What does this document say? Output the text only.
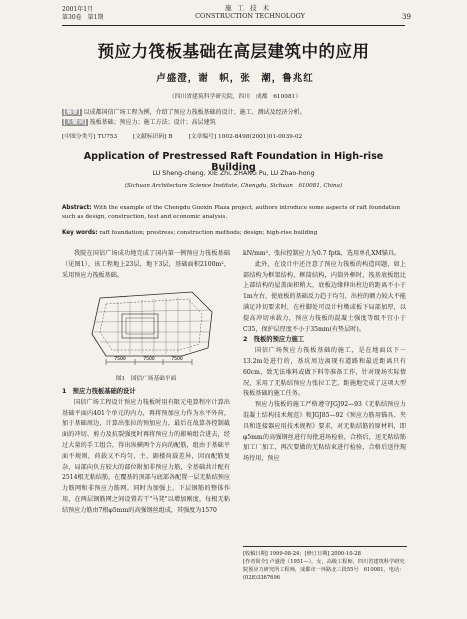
2001年1月
第30卷　第1期
施工技术
CONSTRUCTION TECHNOLOGY	39
预应力筏板基础在高层建筑中的应用
卢盛澄，谢　帜，张　潮，鲁兆红
（四川省建筑科学研究院，四川　成都　610081）
[摘要] 以成都国信广场工程为例，介绍了预应力筏板基础的设计、施工、测试及经济分析。
[关键词] 筏板基础；预应力；施工方法；设计；高层建筑
[中图分类号] TU753	[文献标识码] B	[文章编号] 1002-8498(2001)01-0039-02
Application of Prestressed Raft Foundation in High-rise Building
LU Sheng-cheng, XIE Zhi, ZHANG Pu, LU Zhao-hong
(Sichuan Architecture Science Institute, Chengdu, Sichuan　610081, China)
Abstract: With the example of the Chengdu Guoxin Plaza project, authors introduce some aspects of raft foundation such as design, construction, test and economic analysis.
Key words: raft foundation; prestress; construction methods; design; high-rise building

我院在国信广场成功地完成了国内第一例预应力筏板基础（见图1），该工程地上23层，地下3层，基础面积2100m²，采用预应力筏板基础。

7500	7500	7500
图1　国信广场基础平面

1　预应力筏板基础的设计

国信广场工程设计预应力筏板时用有限元电算程序计算出基础平面内401个单元的内力，再将预加应力作为水平外荷，加于基础周边，计算出张拉的预加应力，最后在故算各控制截面的冲切、剪力及抗裂强度时再将预应力的影响组合进去，经过大量的手工组合，得出纵横两个方向的配筋，组由于基础平面不规则，荷载又不均匀，主、副楼荷载差异，因而配筋复杂，局部向负方较大的部位附加非预应力筋，全基础共计配有2514根无粘结筋，在覆基的顶部与底部各配置一层无粘结预应力筋网和非预应力筋网。同时为加强上、下层钢筋的整体作用，在两层钢筋网之间设置若干"马凳"以增加刚度，每根无粘结预应力筋由7根φ5mm的高强钢丝组成，其强度为1570

kN/mm²，张拉控制应力为0.7 fptk，选用单孔XM锚具。

此外，在设计中还注意了预应力筏板的构造问题，如上部结构为框架结构，框筒结构，内筒外框时，筏基底板组比上部结构的屋盖面积稍大，底板边缘伸出柱边的距离不小于1m左右，使底板的基础反力趋于均匀，出柱的额力较大不能满足冲切要求时，在柱脚处可设计柱墩或板下局部加厚，以提高冲切承载力，预应力筏板的混凝土强度等级不宜小于C35，保护层厚度不小于35mm(有垫层时)。

2　筏板的预应力施工

国信广场预应力筏板基础的施工，是在地面以下－13.2m处进行的，基坑周边离现有道路和最近距离只有60cm，致无法堆料或做下料等准备工作，针对现场实际情况，采用了无粘结预应力张拉工艺，距施地完成了这项大型筏板基础的施工任务。

预应力筏板的施工严格遵守JGJ92—93《无粘结预应力混凝土结构技术规范》和JGJ85—92《预应力筋用锚具、夹具和连接器应用技术规程》要求，对无粘结筋的原材料，即φ5mm的高强钢丝进行每批进场检验，合格后，送无粘结筋加工厂加工，再次要做的无粘结束进行检验，合格后送往现场待用，预应

[收稿日期] 1999-08-24；[修订日期] 2000-10-28
[作者简介] 卢盛澄（1951—），女，高级工程师，四川省建筑科学研究院预应力研究所工程师，成都市一环路北三段55号　610081，电话：(028)3367696
